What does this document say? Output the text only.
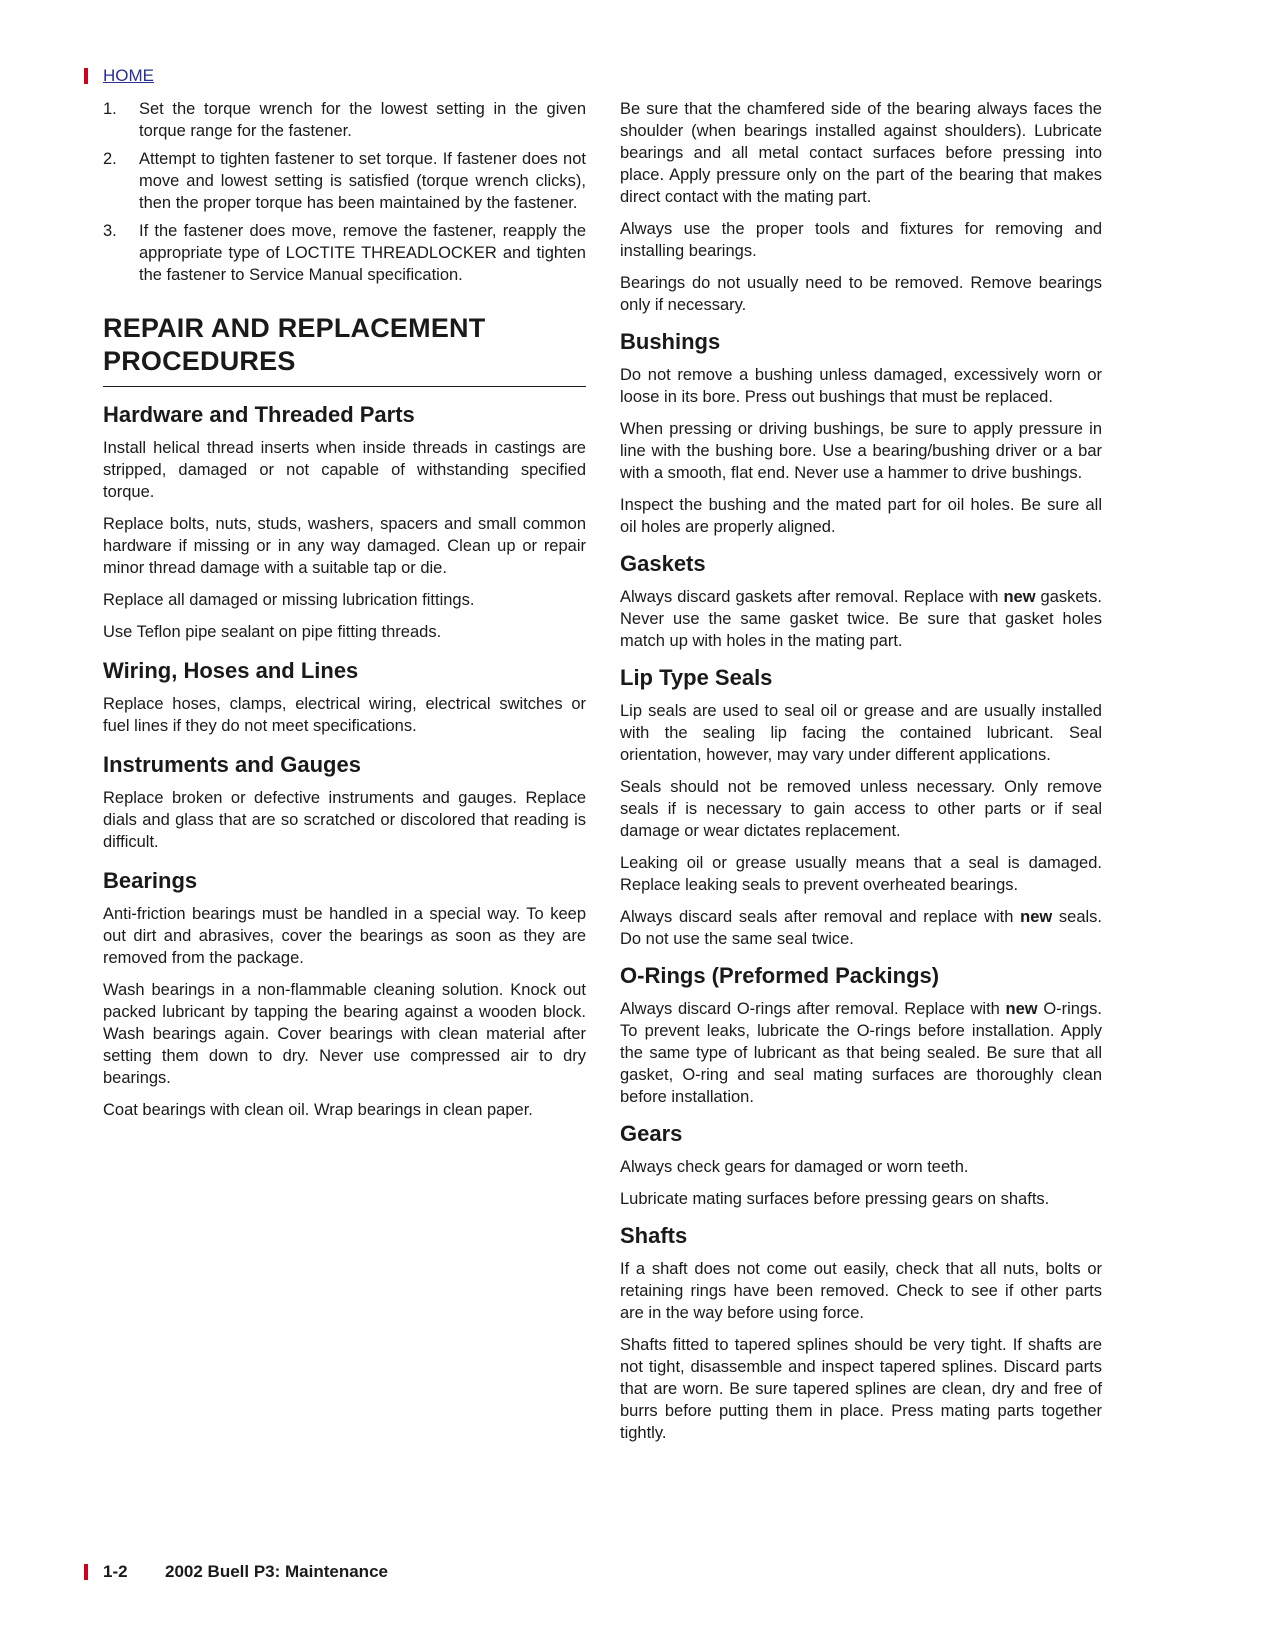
HOME
1. Set the torque wrench for the lowest setting in the given torque range for the fastener.
2. Attempt to tighten fastener to set torque. If fastener does not move and lowest setting is satisfied (torque wrench clicks), then the proper torque has been maintained by the fastener.
3. If the fastener does move, remove the fastener, reapply the appropriate type of LOCTITE THREADLOCKER and tighten the fastener to Service Manual specification.
REPAIR AND REPLACEMENT PROCEDURES
Hardware and Threaded Parts

Install helical thread inserts when inside threads in castings are stripped, damaged or not capable of withstanding specified torque.

Replace bolts, nuts, studs, washers, spacers and small common hardware if missing or in any way damaged. Clean up or repair minor thread damage with a suitable tap or die.

Replace all damaged or missing lubrication fittings.

Use Teflon pipe sealant on pipe fitting threads.

Wiring, Hoses and Lines

Replace hoses, clamps, electrical wiring, electrical switches or fuel lines if they do not meet specifications.

Instruments and Gauges

Replace broken or defective instruments and gauges. Replace dials and glass that are so scratched or discolored that reading is difficult.

Bearings

Anti-friction bearings must be handled in a special way. To keep out dirt and abrasives, cover the bearings as soon as they are removed from the package.

Wash bearings in a non-flammable cleaning solution. Knock out packed lubricant by tapping the bearing against a wooden block. Wash bearings again. Cover bearings with clean material after setting them down to dry. Never use compressed air to dry bearings.

Coat bearings with clean oil. Wrap bearings in clean paper.

Be sure that the chamfered side of the bearing always faces the shoulder (when bearings installed against shoulders). Lubricate bearings and all metal contact surfaces before pressing into place. Apply pressure only on the part of the bearing that makes direct contact with the mating part.

Always use the proper tools and fixtures for removing and installing bearings.

Bearings do not usually need to be removed. Remove bearings only if necessary.

Bushings

Do not remove a bushing unless damaged, excessively worn or loose in its bore. Press out bushings that must be replaced.

When pressing or driving bushings, be sure to apply pressure in line with the bushing bore. Use a bearing/bushing driver or a bar with a smooth, flat end. Never use a hammer to drive bushings.

Inspect the bushing and the mated part for oil holes. Be sure all oil holes are properly aligned.

Gaskets

Always discard gaskets after removal. Replace with new gaskets. Never use the same gasket twice. Be sure that gasket holes match up with holes in the mating part.

Lip Type Seals

Lip seals are used to seal oil or grease and are usually installed with the sealing lip facing the contained lubricant. Seal orientation, however, may vary under different applications.

Seals should not be removed unless necessary. Only remove seals if is necessary to gain access to other parts or if seal damage or wear dictates replacement.

Leaking oil or grease usually means that a seal is damaged. Replace leaking seals to prevent overheated bearings.

Always discard seals after removal and replace with new seals. Do not use the same seal twice.

O-Rings (Preformed Packings)

Always discard O-rings after removal. Replace with new O-rings. To prevent leaks, lubricate the O-rings before installation. Apply the same type of lubricant as that being sealed. Be sure that all gasket, O-ring and seal mating surfaces are thoroughly clean before installation.

Gears

Always check gears for damaged or worn teeth.

Lubricate mating surfaces before pressing gears on shafts.

Shafts

If a shaft does not come out easily, check that all nuts, bolts or retaining rings have been removed. Check to see if other parts are in the way before using force.

Shafts fitted to tapered splines should be very tight. If shafts are not tight, disassemble and inspect tapered splines. Discard parts that are worn. Be sure tapered splines are clean, dry and free of burrs before putting them in place. Press mating parts together tightly.

1-2 2002 Buell P3: Maintenance
